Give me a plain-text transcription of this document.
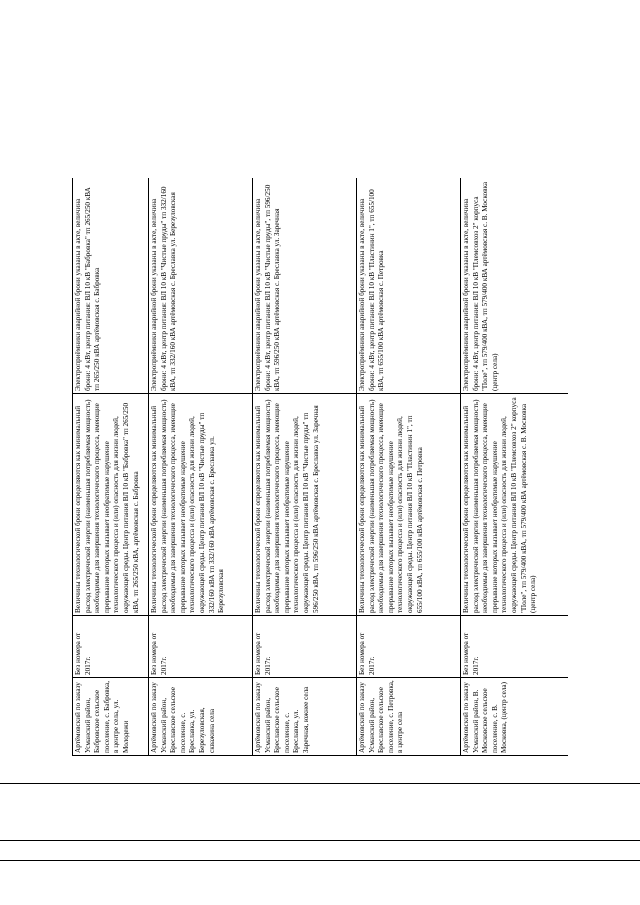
Артёмовский по заказу Усманский район, Бабровское сельское поселение, с. Бабровка, в центре села, ул. Молодежи	Без номера от 2017г.	Величины технологической брони определяются как минимальный расход электрической энергии (наименьшая потребляемая мощность) необходимые для завершения технологического процесса, имеющие прерывание которых вызывает необратимые нарушение технологического процесса и (или) опасность для жизни людей, окружающей среды. Центр питания ВЛ 10 кВ "Бабровка" тп 265/250 кВА, тп 265/250 кВА, артёмовская с. Бабровка	Электроприёмники аварийной брони указаны в акте, величина брони: 4 кВт, центр питания: ВЛ 10 кВ "Бабровка" тп 265/250 кВА тп 265/250 кВА артёмовская с. Бабровка
Артёмовский по заказу Усманский район, Бреславское сельское поселение, с. Бреславка, ул. Березуловская, скважина села	Без номера от 2017г.	Величины технологической брони определяются как минимальный расход электрической энергии (наименьшая потребляемая мощность) необходимые для завершения технологического процесса, имеющие прерывание которых вызывает необратимые нарушение технологического процесса и (или) опасность для жизни людей, окружающей среды. Центр питания ВЛ 10 кВ "Чистые пруды" тп 332/160 кВА тп 332/160 кВА артёмовская с. Бреславка ул. Березуловская	Электроприёмники аварийной брони указаны в акте, величина брони: 4 кВт, центр питания: ВЛ 10 кВ "Чистые пруды" тп 332/160 кВА, тп 332/160 кВА артёмовская с. Бреславка ул. Березуловская
Артёмовский по заказу Усманский район, Бреславское сельское поселение, с. Бреславка, ул. Заречная, южнее села	Без номера от 2017г.	Величины технологической брони определяются как минимальный расход электрической энергии (наименьшая потребляемая мощность) необходимые для завершения технологического процесса, имеющие прерывание которых вызывает необратимые нарушение технологического процесса и (или) опасность для жизни людей, окружающей среды. Центр питания ВЛ 10 кВ "Чистые пруды" тп 596/250 кВА, тп 596/250 кВА артёмовская с. Бреславка ул. Заречная	Электроприёмники аварийной брони указаны в акте, величина брони: 4 кВт, центр питания: ВЛ 10 кВ "Чистые пруды", тп 596/250 кВА, тп 596/250 кВА артёмовская с. Бреславка ул. Заречная
Артёмовский по заказу Усманский район, Бреславское сельское поселение, с. Петровка, в центре села	Без номера от 2017г.	Величины технологической брони определяются как минимальный расход электрической энергии (наименьшая потребляемая мощность) необходимые для завершения технологического процесса, имеющие прерывание которых вызывает необратимые нарушение технологического процесса и (или) опасность для жизни людей, окружающей среды. Центр питания ВЛ 10 кВ "Пластинин 1", тп 655/100 кВА, тп 655/100 кВА артёмовская с. Петровка	Электроприёмники аварийной брони указаны в акте, величина брони: 4 кВт, центр питания: ВЛ 10 кВ "Пластинин 1", тп 655/100 кВА, тп 655/100 кВА артёмовская с. Петровка
Артёмовский по заказу Усманский район, В. Московское сельское поселение, с. В. Московка, (центр села)	Без номера от 2017г.	Величины технологической брони определяются как минимальный расход электрической энергии (наименьшая потребляемая мощность) необходимые для завершения технологического процесса, имеющие прерывание которых вызывает необратимые нарушение технологического процесса и (или) опасность для жизни людей, окружающей среды. Центр питания ВЛ 10 кВ "Племсовхоз 2" корпуса "Поле", тп 579/400 кВА, тп 579/400 кВА артёмовская с. В. Московка (центр села)	Электроприёмники аварийной брони указаны в акте, величина брони: 4 кВт, центр питания: ВЛ 10 кВ "Племсовхоз 2" корпуса "Поле", тп 579/400 кВА, тп 579/400 кВА артёмовская с. В. Московка (центр села)
